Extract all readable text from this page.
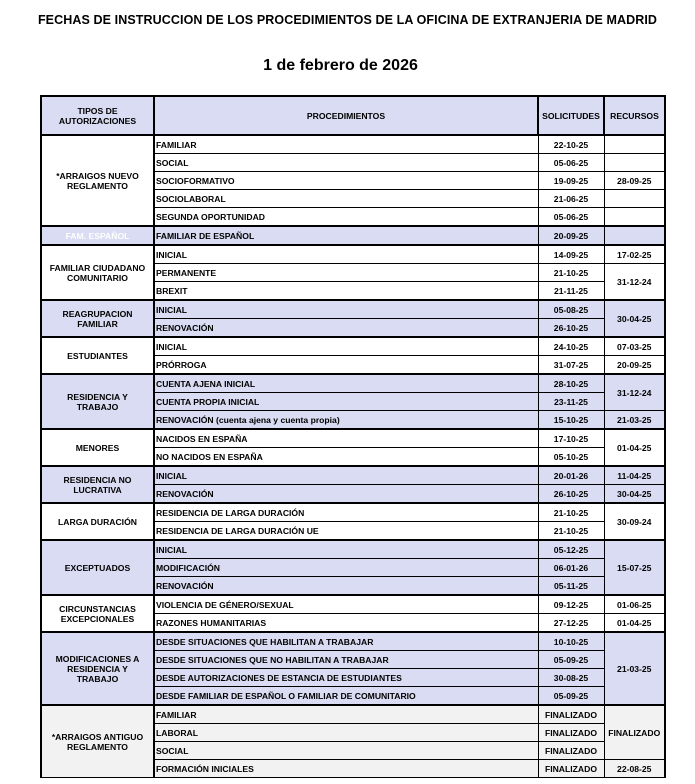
FECHAS DE INSTRUCCION DE LOS PROCEDIMIENTOS DE LA OFICINA DE EXTRANJERIA DE MADRID
1 de febrero de 2026
TIPOS DE AUTORIZACIONES	PROCEDIMIENTOS	SOLICITUDES	RECURSOS
*ARRAIGOS NUEVO REGLAMENTO	FAMILIAR	22-10-25	
	SOCIAL	05-06-25	
	SOCIOFORMATIVO	19-09-25	28-09-25
	SOCIOLABORAL	21-06-25	
	SEGUNDA OPORTUNIDAD	05-06-25	
FAM. ESPAÑOL	FAMILIAR DE ESPAÑOL	20-09-25	
FAMILIAR CIUDADANO COMUNITARIO	INICIAL	14-09-25	17-02-25
	PERMANENTE	21-10-25	31-12-24
	BREXIT	21-11-25	
REAGRUPACION FAMILIAR	INICIAL	05-08-25	30-04-25
	RENOVACIÓN	26-10-25	
ESTUDIANTES	INICIAL	24-10-25	07-03-25
	PRÓRROGA	31-07-25	20-09-25
RESIDENCIA Y TRABAJO	CUENTA AJENA INICIAL	28-10-25	31-12-24
	CUENTA PROPIA INICIAL	23-11-25	
	RENOVACIÓN (cuenta ajena y cuenta propia)	15-10-25	21-03-25
MENORES	NACIDOS EN ESPAÑA	17-10-25	01-04-25
	NO NACIDOS EN ESPAÑA	05-10-25	
RESIDENCIA NO LUCRATIVA	INICIAL	20-01-26	11-04-25
	RENOVACIÓN	26-10-25	30-04-25
LARGA DURACIÓN	RESIDENCIA DE LARGA DURACIÓN	21-10-25	30-09-24
	RESIDENCIA DE LARGA DURACIÓN UE	21-10-25	
EXCEPTUADOS	INICIAL	05-12-25	15-07-25
	MODIFICACIÓN	06-01-26	
	RENOVACIÓN	05-11-25	
CIRCUNSTANCIAS EXCEPCIONALES	VIOLENCIA DE GÉNERO/SEXUAL	09-12-25	01-06-25
	RAZONES HUMANITARIAS	27-12-25	01-04-25
MODIFICACIONES A RESIDENCIA Y TRABAJO	DESDE SITUACIONES QUE HABILITAN A TRABAJAR	10-10-25	21-03-25
	DESDE SITUACIONES QUE NO HABILITAN A TRABAJAR	05-09-25	
	DESDE AUTORIZACIONES DE ESTANCIA DE ESTUDIANTES	30-08-25	
	DESDE FAMILIAR DE ESPAÑOL O FAMILIAR DE COMUNITARIO	05-09-25	
*ARRAIGOS ANTIGUO REGLAMENTO	FAMILIAR	FINALIZADO	FINALIZADO
	LABORAL	FINALIZADO	
	SOCIAL	FINALIZADO	
	FORMACIÓN INICIALES	FINALIZADO	22-08-25
